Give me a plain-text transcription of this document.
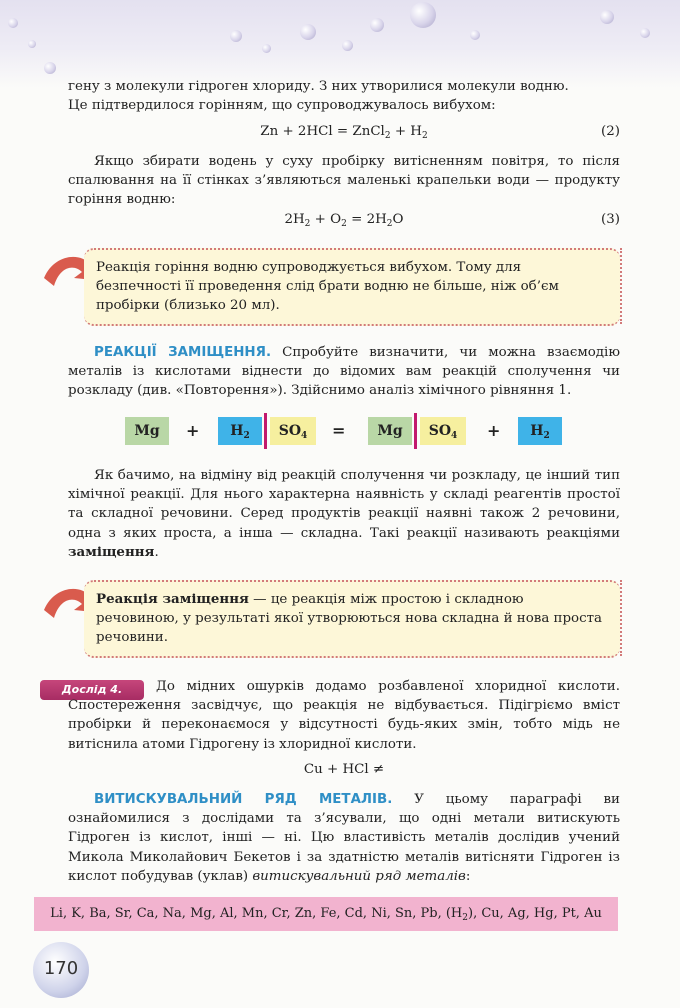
гену з молекули гідроген хлориду. З них утворилися молекули водню.
Це підтвердилося горінням, що супроводжувалось вибухом:
Zn + 2HCl = ZnCl$_2$ + $H_2$	(2)
Якщо збирати водень у суху пробірку витісненням повітря, то після спалювання на її стінках з’являються маленькі крапельки води — продукту горіння водню:
$2H_2 + O_2 = 2H_2O$	(3)
Реакція горіння водню супроводжується вибухом. Тому для безпечності її проведення слід брати водню не більше, ніж об’єм пробірки (близько 20 мл).
РЕАКЦІЇ ЗАМІЩЕННЯ. Спробуйте визначити, чи можна взаємодію металів із кислотами віднести до відомих вам реакцій сполучення чи розкладу (див. «Повторення»). Здійснимо аналіз хімічного рівняння 1.
Mg	+	$H_2$	$SO_4$	=	Mg	$SO_4$	+	$H_2$
Як бачимо, на відміну від реакцій сполучення чи розкладу, це інший тип хімічної реакції. Для нього характерна наявність у складі реагентів простої та складної речовини. Серед продуктів реакції наявні також 2 речовини, одна з яких проста, а інша — складна. Такі реакції називають реакціями заміщення.
Реакція заміщення — це реакція між простою і складною речовиною, у результаті якої утворюються нова складна й нова проста речовини.
Дослід 4.	До мідних ошурків додамо розбавленої хлоридної кислоти. Спостереження засвідчує, що реакція не відбувається. Підігріємо вміст пробірки й переконаємося у відсутності будь-яких змін, тобто мідь не витіснила атоми Гідрогену із хлоридної кислоти.
Cu + HCl ≠
ВИТИСКУВАЛЬНИЙ РЯД МЕТАЛІВ. У цьому параграфі ви ознайомилися з дослідами та з’ясували, що одні метали витискують Гідроген із кислот, інші — ні. Цю властивість металів дослідив учений Микола Миколайович Бекетов і за здатністю металів витісняти Гідроген із кислот побудував (уклав) витискувальний ряд металів:
Li, K, Ba, Sr, Ca, Na, Mg, Al, Mn, Cr, Zn, Fe, Cd, Ni, Sn, Pb, $(H_2)$, Cu, Ag, Hg, Pt, Au
170
